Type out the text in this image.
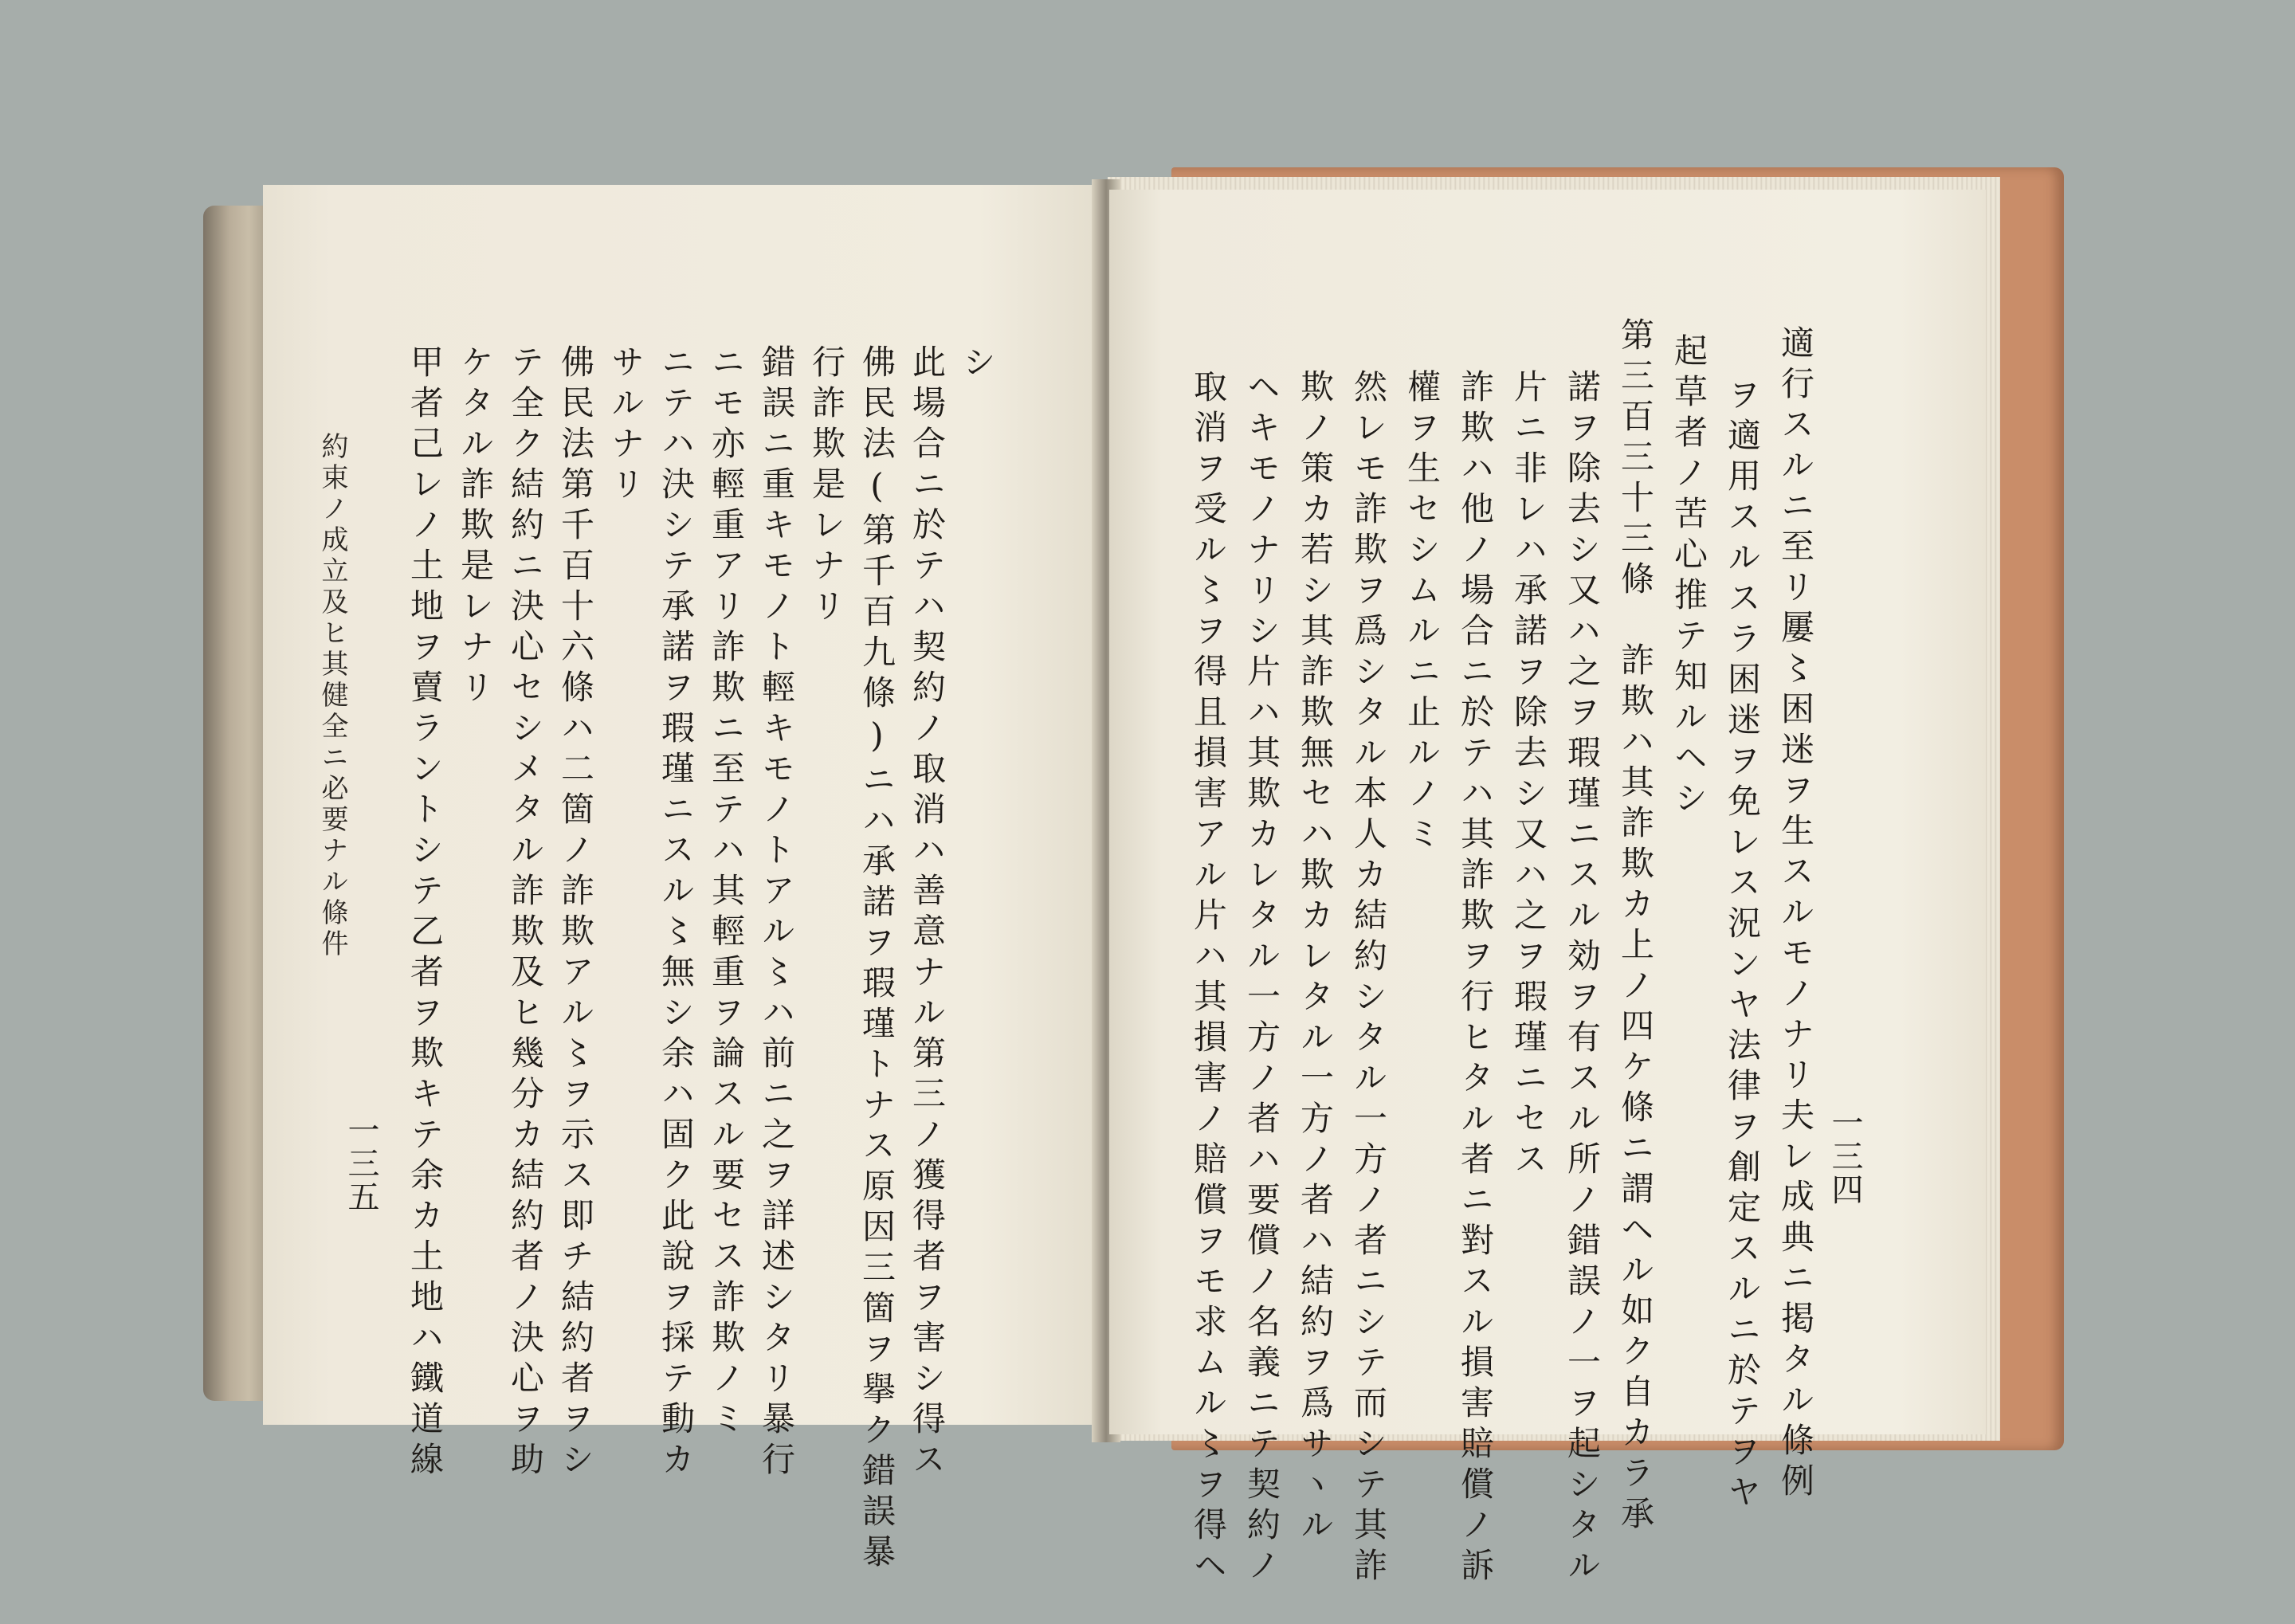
シ
此場合ニ於テハ契約ノ取消ハ善意ナル第三ノ獲得者ヲ害シ得ス
佛民法(第千百九條)ニハ承諾ヲ瑕瑾トナス原因三箇ヲ擧ク錯誤暴
行詐欺是レナリ
錯誤ニ重キモノト輕キモノトアル〻ハ前ニ之ヲ詳述シタリ暴行
ニモ亦輕重アリ詐欺ニ至テハ其輕重ヲ論スル要セス詐欺ノミ
ニテハ決シテ承諾ヲ瑕瑾ニスル〻無シ余ハ固ク此說ヲ採テ動カ
サルナリ
佛民法第千百十六條ハ二箇ノ詐欺アル〻ヲ示ス即チ結約者ヲシ
テ全ク結約ニ決心セシメタル詐欺及ヒ幾分カ結約者ノ決心ヲ助
ケタル詐欺是レナリ
甲者己レノ土地ヲ賣ラントシテ乙者ヲ欺キテ余カ土地ハ鐵道線
約束ノ成立及ヒ其健全ニ必要ナル條件
一三五	適行スルニ至リ屢〻困迷ヲ生スルモノナリ夫レ成典ニ掲タル條例
ヲ適用スルスラ困迷ヲ免レス況ンヤ法律ヲ創定スルニ於テヲヤ
起草者ノ苦心推テ知ルヘシ
第三百三十三條　詐欺ハ其詐欺カ上ノ四ケ條ニ謂ヘル如ク自カラ承
諾ヲ除去シ又ハ之ヲ瑕瑾ニスル効ヲ有スル所ノ錯誤ノ一ヲ起シタル
片ニ非レハ承諾ヲ除去シ又ハ之ヲ瑕瑾ニセス
詐欺ハ他ノ場合ニ於テハ其詐欺ヲ行ヒタル者ニ對スル損害賠償ノ訴
權ヲ生セシムルニ止ルノミ
然レモ詐欺ヲ爲シタル本人カ結約シタル一方ノ者ニシテ而シテ其詐
欺ノ策カ若シ其詐欺無セハ欺カレタル一方ノ者ハ結約ヲ爲サヽル
ヘキモノナリシ片ハ其欺カレタル一方ノ者ハ要償ノ名義ニテ契約ノ
取消ヲ受ル〻ヲ得且損害アル片ハ其損害ノ賠償ヲモ求ムル〻ヲ得ヘ	一三四
